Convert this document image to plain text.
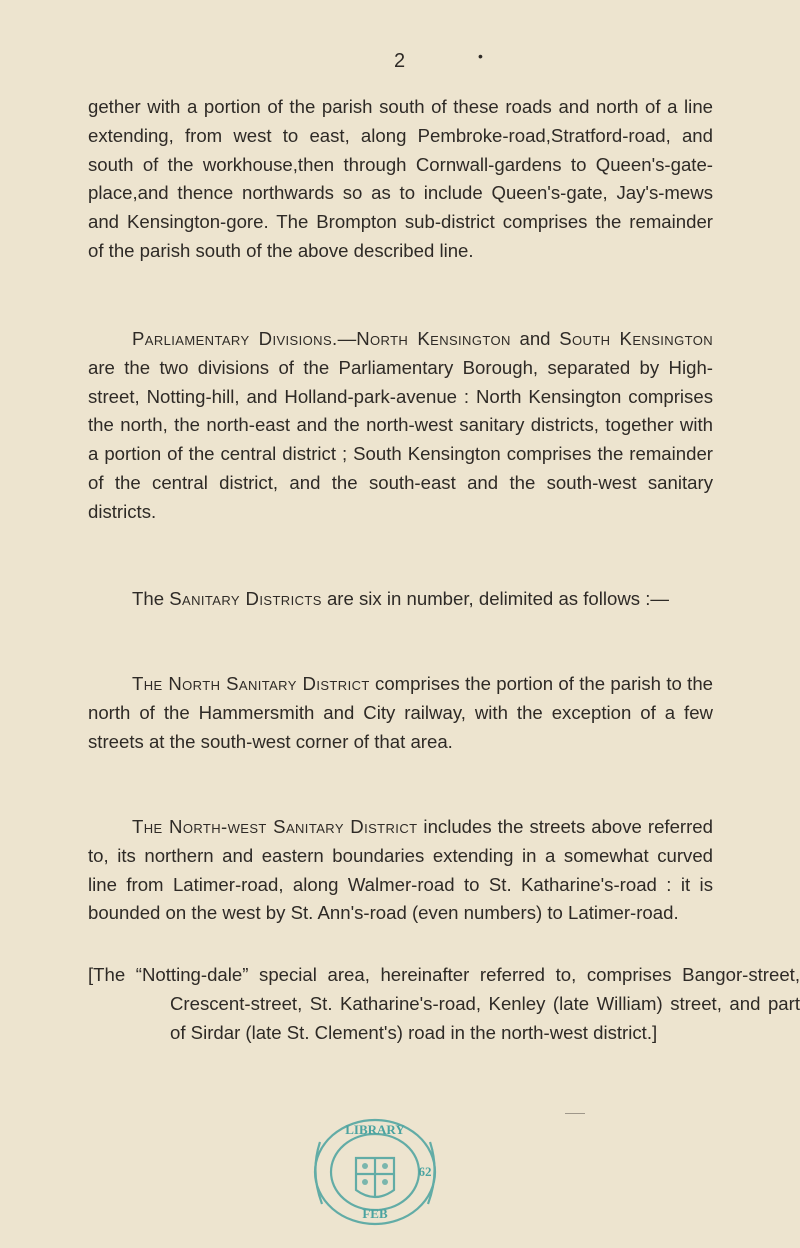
2	•

gether with a portion of the parish south of these roads and north of a line extending, from west to east, along Pembroke-road,Stratford-road, and south of the workhouse,then through Cornwall-gardens to Queen's-gate-place,and thence northwards so as to include Queen's-gate, Jay's-mews and Kensington-gore. The Brompton sub-district comprises the remainder of the parish south of the above described line.

Parliamentary Divisions.—North Kensington and South Kensington are the two divisions of the Parliamentary Borough, separated by High-street, Notting-hill, and Holland-park-avenue : North Kensington comprises the north, the north-east and the north-west sanitary districts, together with a portion of the central district ; South Kensington comprises the remainder of the central district, and the south-east and the south-west sanitary districts.

The Sanitary Districts are six in number, delimited as follows :—

The North Sanitary District comprises the portion of the parish to the north of the Hammersmith and City railway, with the exception of a few streets at the south-west corner of that area.

The North-west Sanitary District includes the streets above referred to, its northern and eastern boundaries extending in a somewhat curved line from Latimer-road, along Walmer-road to St. Katharine's-road : it is bounded on the west by St. Ann's-road (even numbers) to Latimer-road.

[The “Notting-dale” special area, hereinafter referred to, comprises Bangor-street, Crescent-street, St. Katharine's-road, Kenley (late William) street, and part of Sirdar (late St. Clement's) road in the north-west district.]

LIBRARY
62
FEB
